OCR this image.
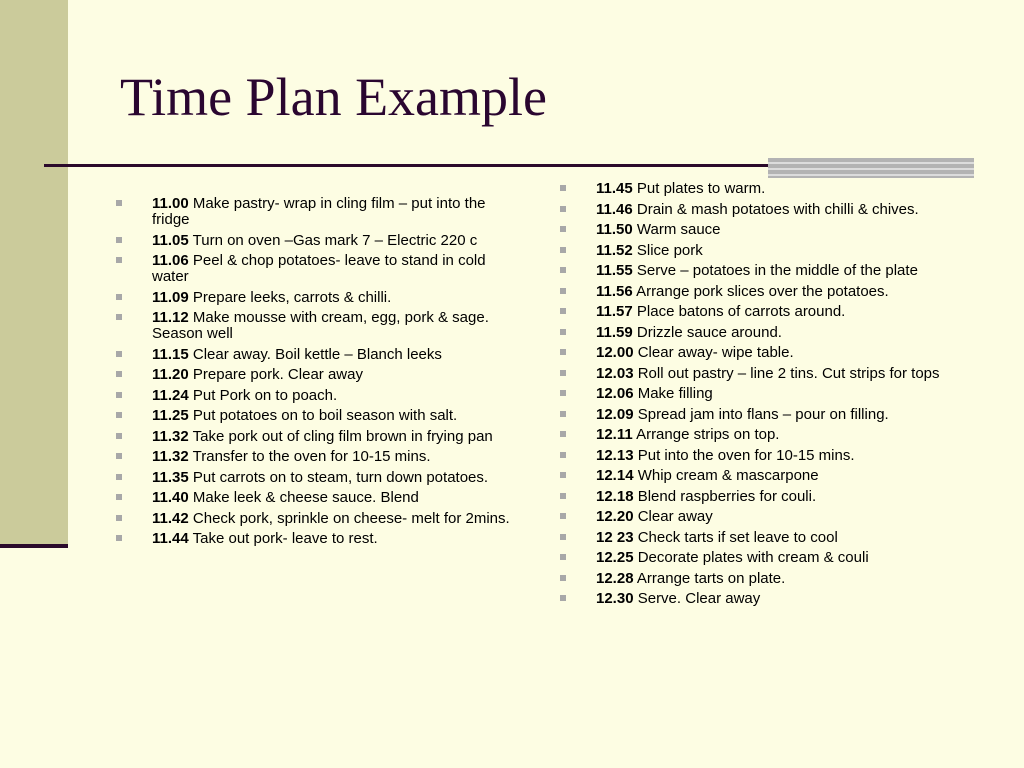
Time Plan Example
11.00 Make pastry- wrap in cling film – put into the fridge
11.05 Turn on oven –Gas mark 7 – Electric 220 c
11.06 Peel & chop potatoes- leave to stand in cold water
11.09 Prepare leeks, carrots & chilli.
11.12 Make mousse with cream, egg, pork & sage. Season well
11.15 Clear away. Boil kettle – Blanch leeks
11.20 Prepare pork. Clear away
11.24 Put Pork on to poach.
11.25 Put potatoes on to boil season with salt.
11.32 Take pork out of cling film brown in frying pan
11.32 Transfer to the oven for 10-15 mins.
11.35 Put carrots on to steam, turn down potatoes.
11.40 Make leek & cheese sauce. Blend
11.42 Check pork, sprinkle on cheese- melt for 2mins.
11.44 Take out pork- leave to rest.
11.45 Put plates to warm.
11.46 Drain & mash potatoes with chilli & chives.
11.50 Warm sauce
11.52 Slice pork
11.55 Serve – potatoes in the middle of the plate
11.56 Arrange pork slices over the potatoes.
11.57 Place batons of carrots around.
11.59 Drizzle sauce around.
12.00 Clear away- wipe table.
12.03 Roll out pastry – line 2 tins. Cut strips for tops
12.06 Make filling
12.09 Spread jam into flans – pour on filling.
12.11 Arrange strips on top.
12.13 Put into the oven for 10-15 mins.
12.14 Whip cream & mascarpone
12.18 Blend raspberries for couli.
12.20 Clear away
12 23 Check tarts if set leave to cool
12.25 Decorate plates with cream & couli
12.28 Arrange tarts on plate.
12.30 Serve. Clear away
